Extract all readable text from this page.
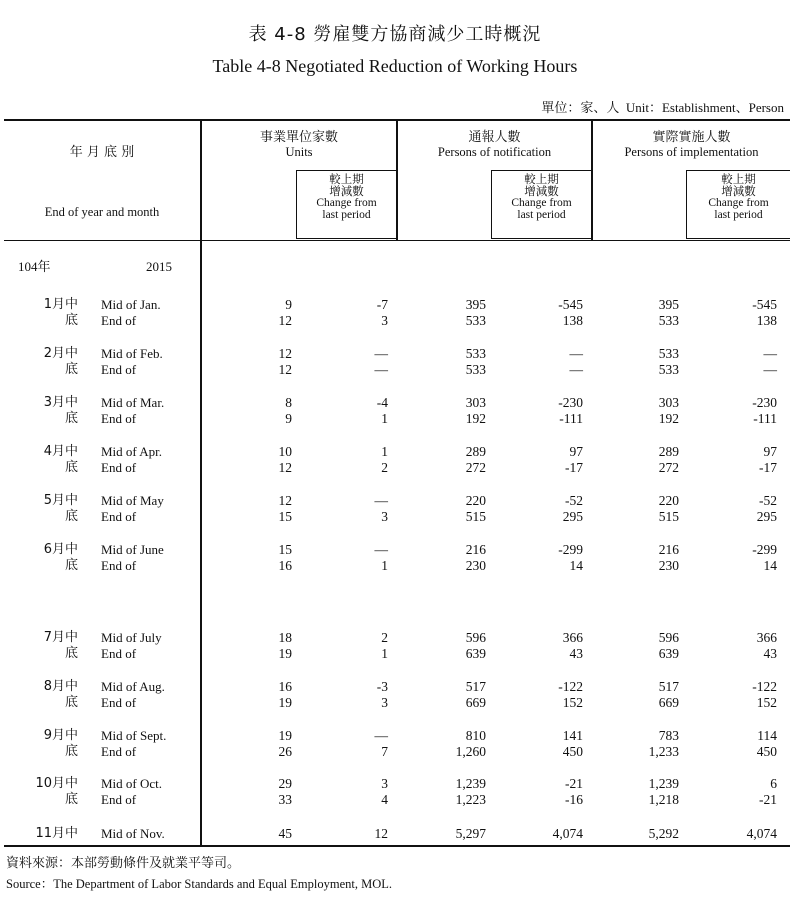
表 4-8 勞雇雙方協商減少工時概況
Table 4-8 Negotiated Reduction of Working Hours
單位：家、人 Unit：Establishment、Person
年 月 底 別
End of year and month
事業單位家數
Units
通報人數
Persons of notification
實際實施人數
Persons of implementation
較上期
增減數
Change from
last period
較上期
增減數
Change from
last period
較上期
增減數
Change from
last period
104年	2015
1月中 Mid of Jan.	9	-7	395	-545	395	-545
底 End of	12	3	533	138	533	138
2月中 Mid of Feb.	12	—	533	—	533	—
底 End of	12	—	533	—	533	—
3月中 Mid of Mar.	8	-4	303	-230	303	-230
底 End of	9	1	192	-111	192	-111
4月中 Mid of Apr.	10	1	289	97	289	97
底 End of	12	2	272	-17	272	-17
5月中 Mid of May	12	—	220	-52	220	-52
底 End of	15	3	515	295	515	295
6月中 Mid of June	15	—	216	-299	216	-299
底 End of	16	1	230	14	230	14
7月中 Mid of July	18	2	596	366	596	366
底 End of	19	1	639	43	639	43
8月中 Mid of Aug.	16	-3	517	-122	517	-122
底 End of	19	3	669	152	669	152
9月中 Mid of Sept.	19	—	810	141	783	114
底 End of	26	7	1,260	450	1,233	450
10月中 Mid of Oct.	29	3	1,239	-21	1,239	6
底 End of	33	4	1,223	-16	1,218	-21
11月中 Mid of Nov.	45	12	5,297	4,074	5,292	4,074
資料來源：本部勞動條件及就業平等司。
Source：The Department of Labor Standards and Equal Employment, MOL.
